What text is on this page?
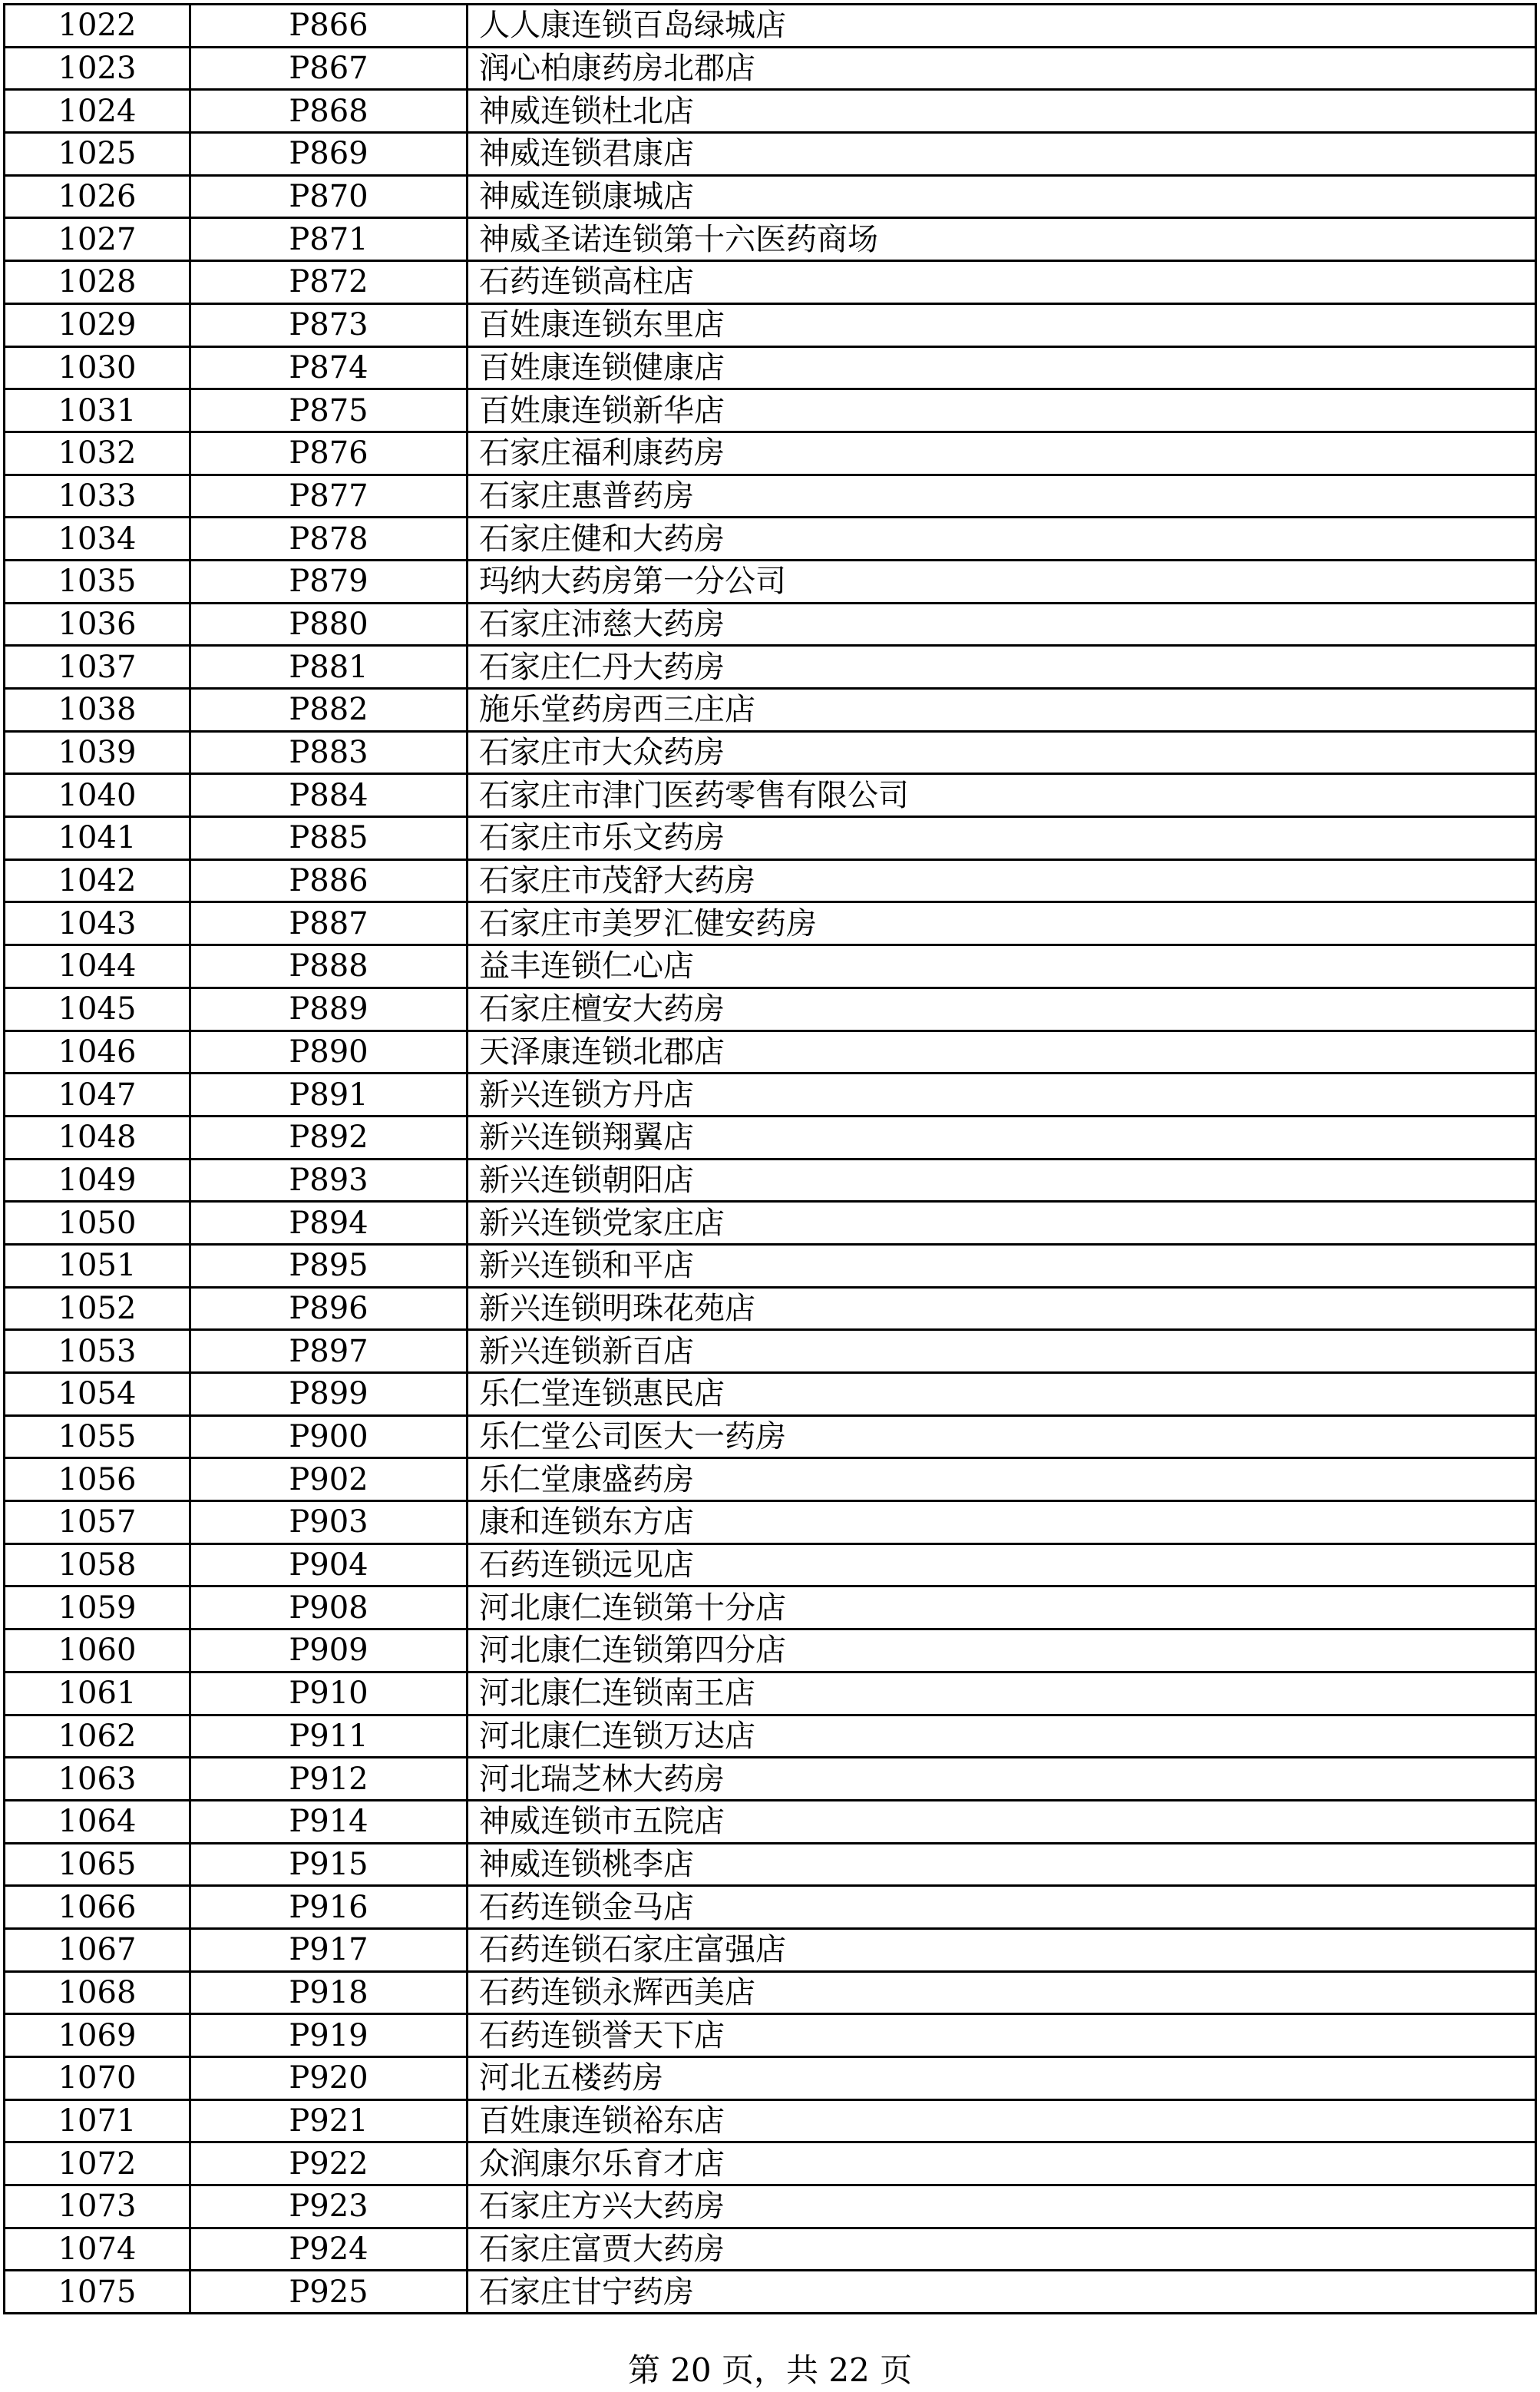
1022	P866	人人康连锁百岛绿城店
1023	P867	润心柏康药房北郡店
1024	P868	神威连锁杜北店
1025	P869	神威连锁君康店
1026	P870	神威连锁康城店
1027	P871	神威圣诺连锁第十六医药商场
1028	P872	石药连锁高柱店
1029	P873	百姓康连锁东里店
1030	P874	百姓康连锁健康店
1031	P875	百姓康连锁新华店
1032	P876	石家庄福利康药房
1033	P877	石家庄惠普药房
1034	P878	石家庄健和大药房
1035	P879	玛纳大药房第一分公司
1036	P880	石家庄沛慈大药房
1037	P881	石家庄仁丹大药房
1038	P882	施乐堂药房西三庄店
1039	P883	石家庄市大众药房
1040	P884	石家庄市津门医药零售有限公司
1041	P885	石家庄市乐文药房
1042	P886	石家庄市茂舒大药房
1043	P887	石家庄市美罗汇健安药房
1044	P888	益丰连锁仁心店
1045	P889	石家庄檀安大药房
1046	P890	天泽康连锁北郡店
1047	P891	新兴连锁方丹店
1048	P892	新兴连锁翔翼店
1049	P893	新兴连锁朝阳店
1050	P894	新兴连锁党家庄店
1051	P895	新兴连锁和平店
1052	P896	新兴连锁明珠花苑店
1053	P897	新兴连锁新百店
1054	P899	乐仁堂连锁惠民店
1055	P900	乐仁堂公司医大一药房
1056	P902	乐仁堂康盛药房
1057	P903	康和连锁东方店
1058	P904	石药连锁远见店
1059	P908	河北康仁连锁第十分店
1060	P909	河北康仁连锁第四分店
1061	P910	河北康仁连锁南王店
1062	P911	河北康仁连锁万达店
1063	P912	河北瑞芝林大药房
1064	P914	神威连锁市五院店
1065	P915	神威连锁桃李店
1066	P916	石药连锁金马店
1067	P917	石药连锁石家庄富强店
1068	P918	石药连锁永辉西美店
1069	P919	石药连锁誉天下店
1070	P920	河北五楼药房
1071	P921	百姓康连锁裕东店
1072	P922	众润康尔乐育才店
1073	P923	石家庄方兴大药房
1074	P924	石家庄富贾大药房
1075	P925	石家庄甘宁药房
第 20 页，共 22 页
